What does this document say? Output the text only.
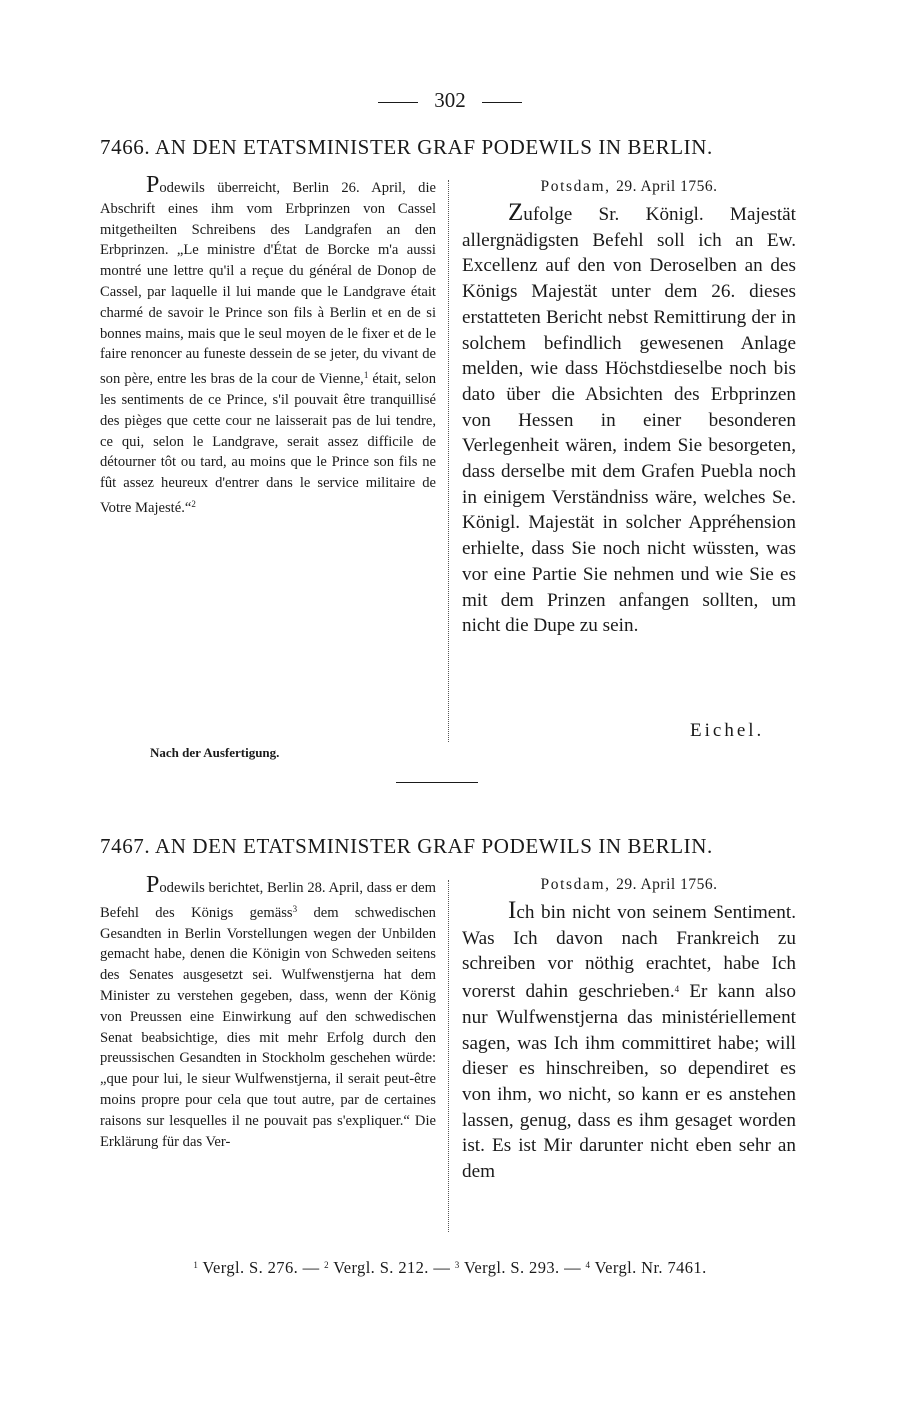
302
7466. AN DEN ETATSMINISTER GRAF PODEWILS IN BERLIN.
Podewils überreicht, Berlin 26. April, die Abschrift eines ihm vom Erbprinzen von Cassel mitgetheilten Schreibens des Landgrafen an den Erbprinzen. „Le ministre d'État de Borcke m'a aussi montré une lettre qu'il a reçue du général de Donop de Cassel, par laquelle il lui mande que le Landgrave était charmé de savoir le Prince son fils à Berlin et en de si bonnes mains, mais que le seul moyen de le fixer et de le faire renoncer au funeste dessein de se jeter, du vivant de son père, entre les bras de la cour de Vienne,$^1$ était, selon les sentiments de ce Prince, s'il pouvait être tranquillisé des pièges que cette cour ne laisserait pas de lui tendre, ce qui, selon le Landgrave, serait assez difficile de détourner tôt ou tard, au moins que le Prince son fils ne fût assez heureux d'entrer dans le service militaire de Votre Majesté.“$^2$
Potsdam, 29. April 1756.
Zufolge Sr. Königl. Majestät allergnädigsten Befehl soll ich an Ew. Excellenz auf den von Deroselben an des Königs Majestät unter dem 26. dieses erstatteten Bericht nebst Remittirung der in solchem befindlich gewesenen Anlage melden, wie dass Höchstdieselbe noch bis dato über die Absichten des Erbprinzen von Hessen in einer besonderen Verlegenheit wären, indem Sie besorgeten, dass derselbe mit dem Grafen Puebla noch in einigem Verständniss wäre, welches Se. Königl. Majestät in solcher Appréhension erhielte, dass Sie noch nicht wüssten, was vor eine Partie Sie nehmen und wie Sie es mit dem Prinzen anfangen sollten, um nicht die Dupe zu sein.
Eichel.
Nach der Ausfertigung.
7467. AN DEN ETATSMINISTER GRAF PODEWILS IN BERLIN.
Podewils berichtet, Berlin 28. April, dass er dem Befehl des Königs gemäss$^3$ dem schwedischen Gesandten in Berlin Vorstellungen wegen der Unbilden gemacht habe, denen die Königin von Schweden seitens des Senates ausgesetzt sei. Wulfwenstjerna hat dem Minister zu verstehen gegeben, dass, wenn der König von Preussen eine Einwirkung auf den schwedischen Senat beabsichtige, dies mit mehr Erfolg durch den preussischen Gesandten in Stockholm geschehen würde: „que pour lui, le sieur Wulfwenstjerna, il serait peut-être moins propre pour cela que tout autre, par de certaines raisons sur lesquelles il ne pouvait pas s'expliquer.“ Die Erklärung für das Ver-
Potsdam, 29. April 1756.
Ich bin nicht von seinem Sentiment. Was Ich davon nach Frankreich zu schreiben vor nöthig erachtet, habe Ich vorerst dahin geschrieben.$^4$ Er kann also nur Wulfwenstjerna das ministériellement sagen, was Ich ihm committiret habe; will dieser es hinschreiben, so dependiret es von ihm, wo nicht, so kann er es anstehen lassen, genug, dass es ihm gesaget worden ist. Es ist Mir darunter nicht eben sehr an dem
$^1$ Vergl. S. 276. — $^2$ Vergl. S. 212. — $^3$ Vergl. S. 293. — $^4$ Vergl. Nr. 7461.
